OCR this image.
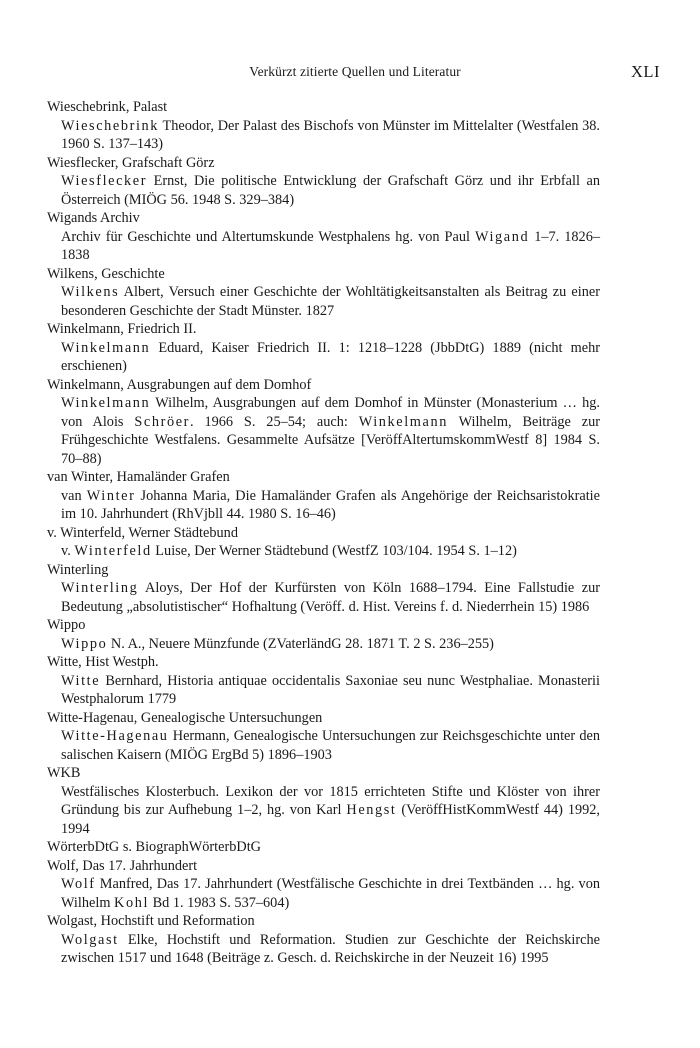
Verkürzt zitierte Quellen und Literatur	XLI

Wieschebrink, Palast

Wieschebrink Theodor, Der Palast des Bischofs von Münster im Mittelalter (Westfalen 38. 1960 S. 137–143)

Wiesflecker, Grafschaft Görz

Wiesflecker Ernst, Die politische Entwicklung der Grafschaft Görz und ihr Erbfall an Österreich (MIÖG 56. 1948 S. 329–384)

Wigands Archiv

Archiv für Geschichte und Altertumskunde Westphalens hg. von Paul Wigand 1–7. 1826–1838

Wilkens, Geschichte

Wilkens Albert, Versuch einer Geschichte der Wohltätigkeitsanstalten als Beitrag zu einer besonderen Geschichte der Stadt Münster. 1827

Winkelmann, Friedrich II.

Winkelmann Eduard, Kaiser Friedrich II. 1: 1218–1228 (JbbDtG) 1889 (nicht mehr erschienen)

Winkelmann, Ausgrabungen auf dem Domhof

Winkelmann Wilhelm, Ausgrabungen auf dem Domhof in Münster (Monasterium … hg. von Alois Schröer. 1966 S. 25–54; auch: Winkelmann Wilhelm, Beiträge zur Frühgeschichte Westfalens. Gesammelte Aufsätze [VeröffAltertumskommWestf 8] 1984 S. 70–88)

van Winter, Hamaländer Grafen

van Winter Johanna Maria, Die Hamaländer Grafen als Angehörige der Reichsaristokratie im 10. Jahrhundert (RhVjbll 44. 1980 S. 16–46)

v. Winterfeld, Werner Städtebund

v. Winterfeld Luise, Der Werner Städtebund (WestfZ 103/104. 1954 S. 1–12)

Winterling

Winterling Aloys, Der Hof der Kurfürsten von Köln 1688–1794. Eine Fallstudie zur Bedeutung „absolutistischer“ Hofhaltung (Veröff. d. Hist. Vereins f. d. Niederrhein 15) 1986

Wippo

Wippo N. A., Neuere Münzfunde (ZVaterländG 28. 1871 T. 2 S. 236–255)

Witte, Hist Westph.

Witte Bernhard, Historia antiquae occidentalis Saxoniae seu nunc Westphaliae. Monasterii Westphalorum 1779

Witte-Hagenau, Genealogische Untersuchungen

Witte-Hagenau Hermann, Genealogische Untersuchungen zur Reichsgeschichte unter den salischen Kaisern (MIÖG ErgBd 5) 1896–1903

WKB

Westfälisches Klosterbuch. Lexikon der vor 1815 errichteten Stifte und Klöster von ihrer Gründung bis zur Aufhebung 1–2, hg. von Karl Hengst (VeröffHistKommWestf 44) 1992, 1994

WörterbDtG s. BiographWörterbDtG

Wolf, Das 17. Jahrhundert

Wolf Manfred, Das 17. Jahrhundert (Westfälische Geschichte in drei Textbänden … hg. von Wilhelm Kohl Bd 1. 1983 S. 537–604)

Wolgast, Hochstift und Reformation

Wolgast Elke, Hochstift und Reformation. Studien zur Geschichte der Reichskirche zwischen 1517 und 1648 (Beiträge z. Gesch. d. Reichskirche in der Neuzeit 16) 1995
